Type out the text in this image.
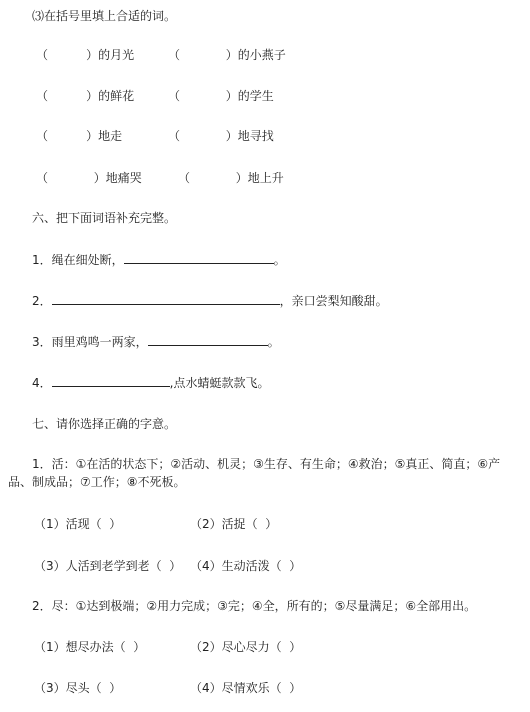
⑶在括号里填上合适的词。
（          ）的月光	（            ）的小燕子
（          ）的鲜花	（            ）的学生
（          ）地走	（            ）地寻找
（            ）地痛哭	（            ）地上升
六、把下面词语补充完整。
1．绳在细处断，	。
2．	，亲口尝梨知酸甜。
3．雨里鸡鸣一两家，	。
4．	,点水蜻蜓款款飞。
七、请你选择正确的字意。
1．活：①在活的状态下；②活动、机灵；③生存、有生命；④救治；⑤真正、简直；⑥产
品、制成品；⑦工作；⑧不死板。
（1）活现（  ）	（2）活捉（  ）
（3）人活到老学到老（  ） （4）生动活泼（  ）
2．尽：①达到极端；②用力完成；③完；④全，所有的；⑤尽量满足；⑥全部用出。
（1）想尽办法（  ）	（2）尽心尽力（  ）
（3）尽头（  ）	（4）尽情欢乐（  ）
